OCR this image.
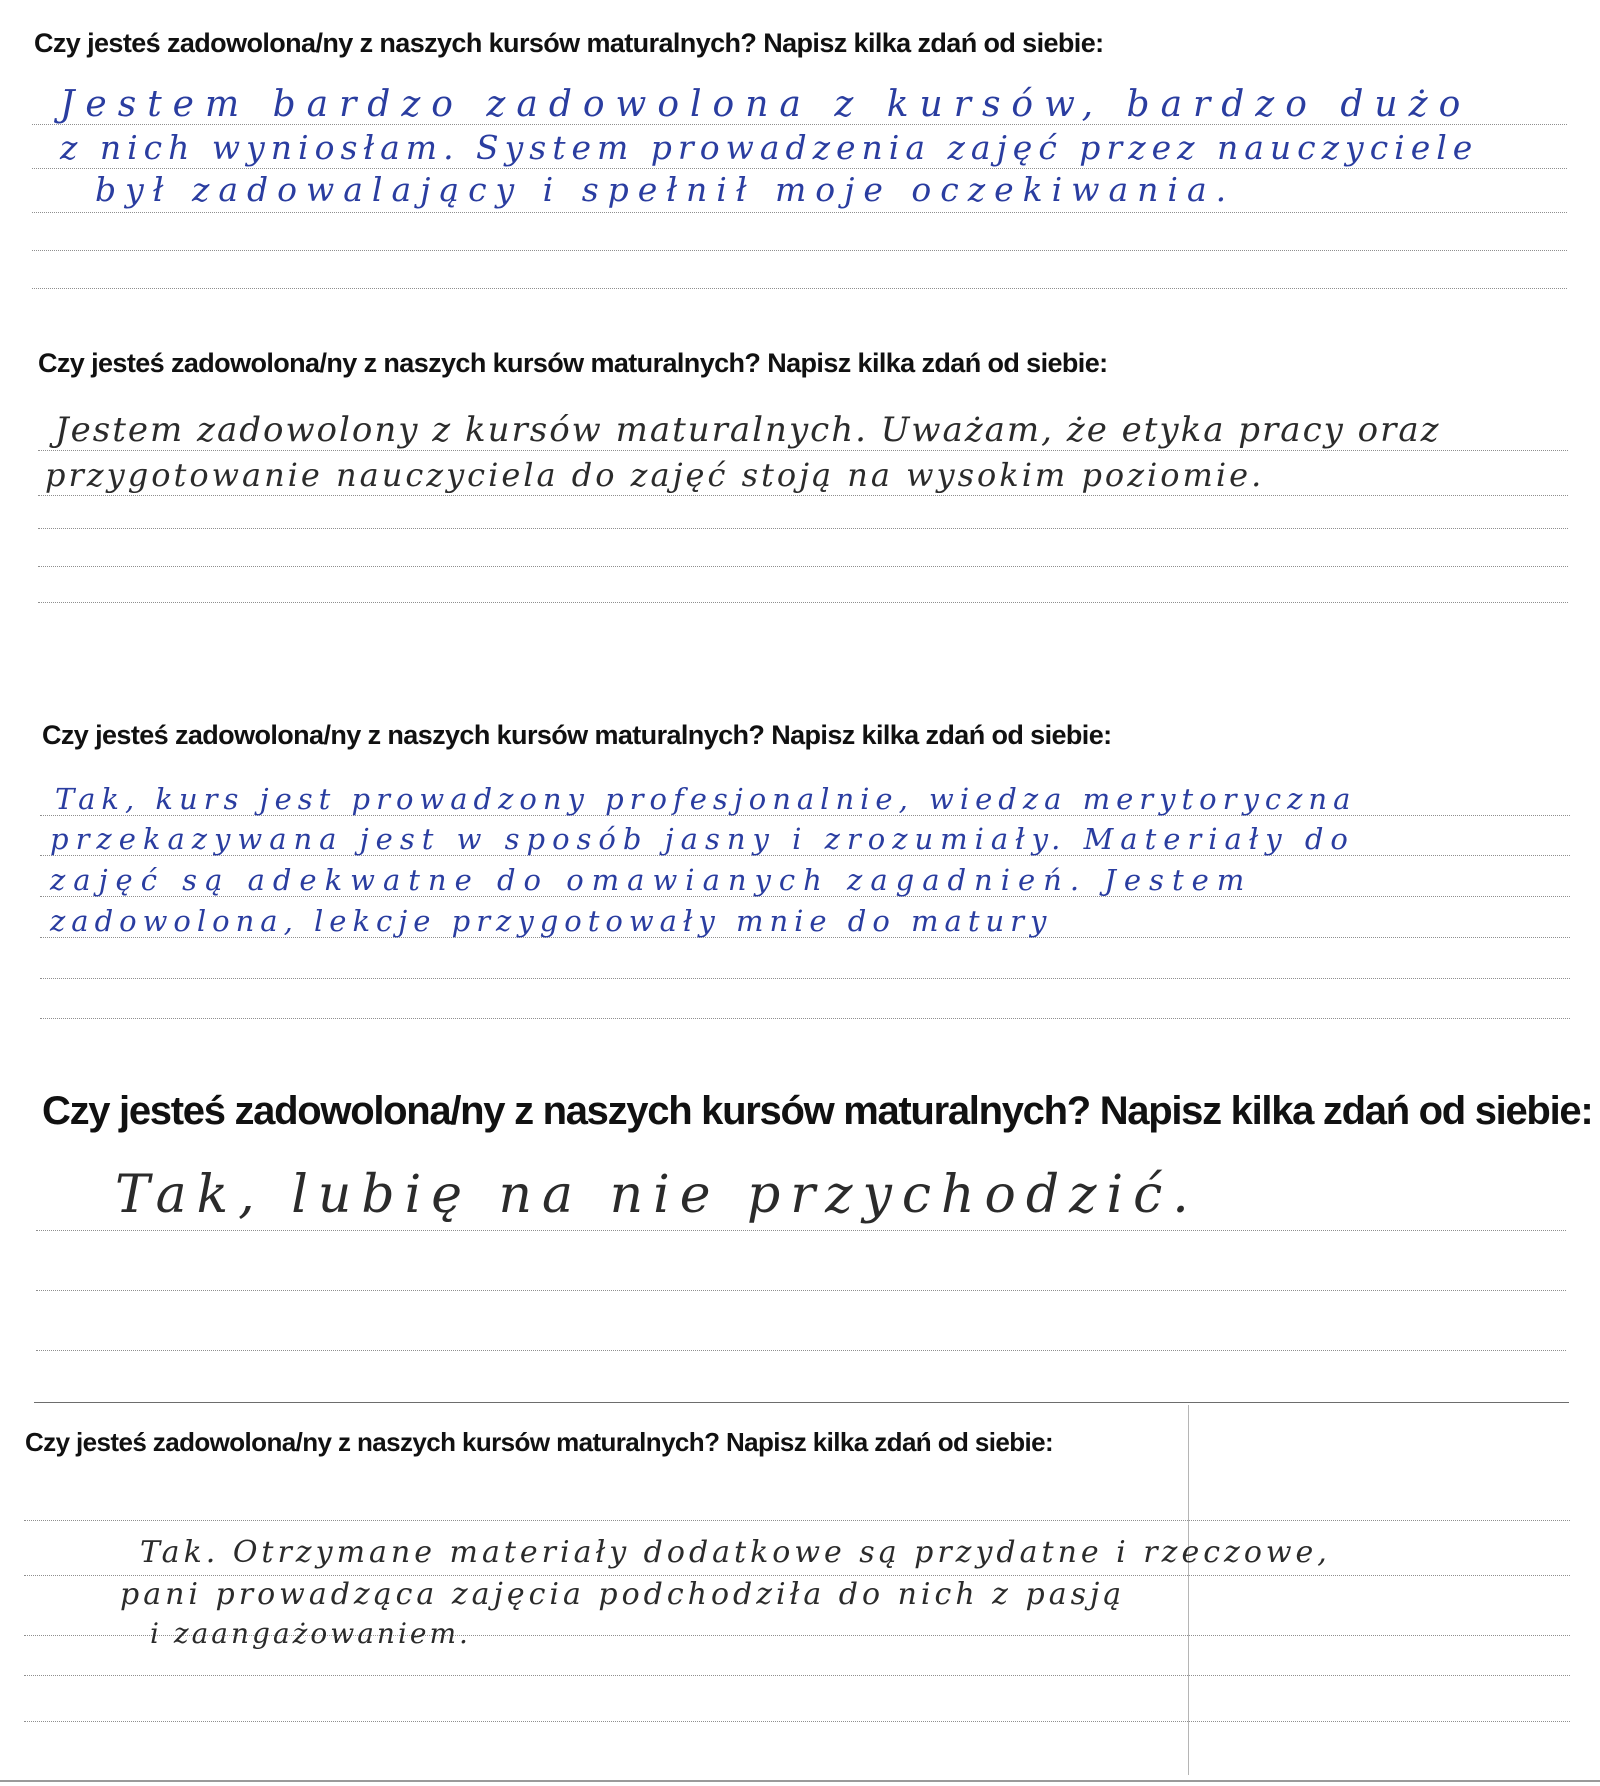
Czy jesteś zadowolona/ny z naszych kursów maturalnych? Napisz kilka zdań od siebie:
Jestem bardzo zadowolona z kursów, bardzo dużo
z nich wyniosłam. System prowadzenia zajęć przez nauczyciele
był zadowalający i spełnił moje oczekiwania.
Czy jesteś zadowolona/ny z naszych kursów maturalnych? Napisz kilka zdań od siebie:
Jestem zadowolony z kursów maturalnych. Uważam, że etyka pracy oraz
przygotowanie nauczyciela do zajęć stoją na wysokim poziomie.
Czy jesteś zadowolona/ny z naszych kursów maturalnych? Napisz kilka zdań od siebie:
Tak, kurs jest prowadzony profesjonalnie, wiedza merytoryczna
przekazywana jest w sposób jasny i zrozumiały. Materiały do
zajęć są adekwatne do omawianych zagadnień. Jestem
zadowolona, lekcje przygotowały mnie do matury
Czy jesteś zadowolona/ny z naszych kursów maturalnych? Napisz kilka zdań od siebie:
Tak, lubię na nie przychodzić.
Czy jesteś zadowolona/ny z naszych kursów maturalnych? Napisz kilka zdań od siebie:
Tak. Otrzymane materiały dodatkowe są przydatne i rzeczowe,
pani prowadząca zajęcia podchodziła do nich z pasją
i zaangażowaniem.
